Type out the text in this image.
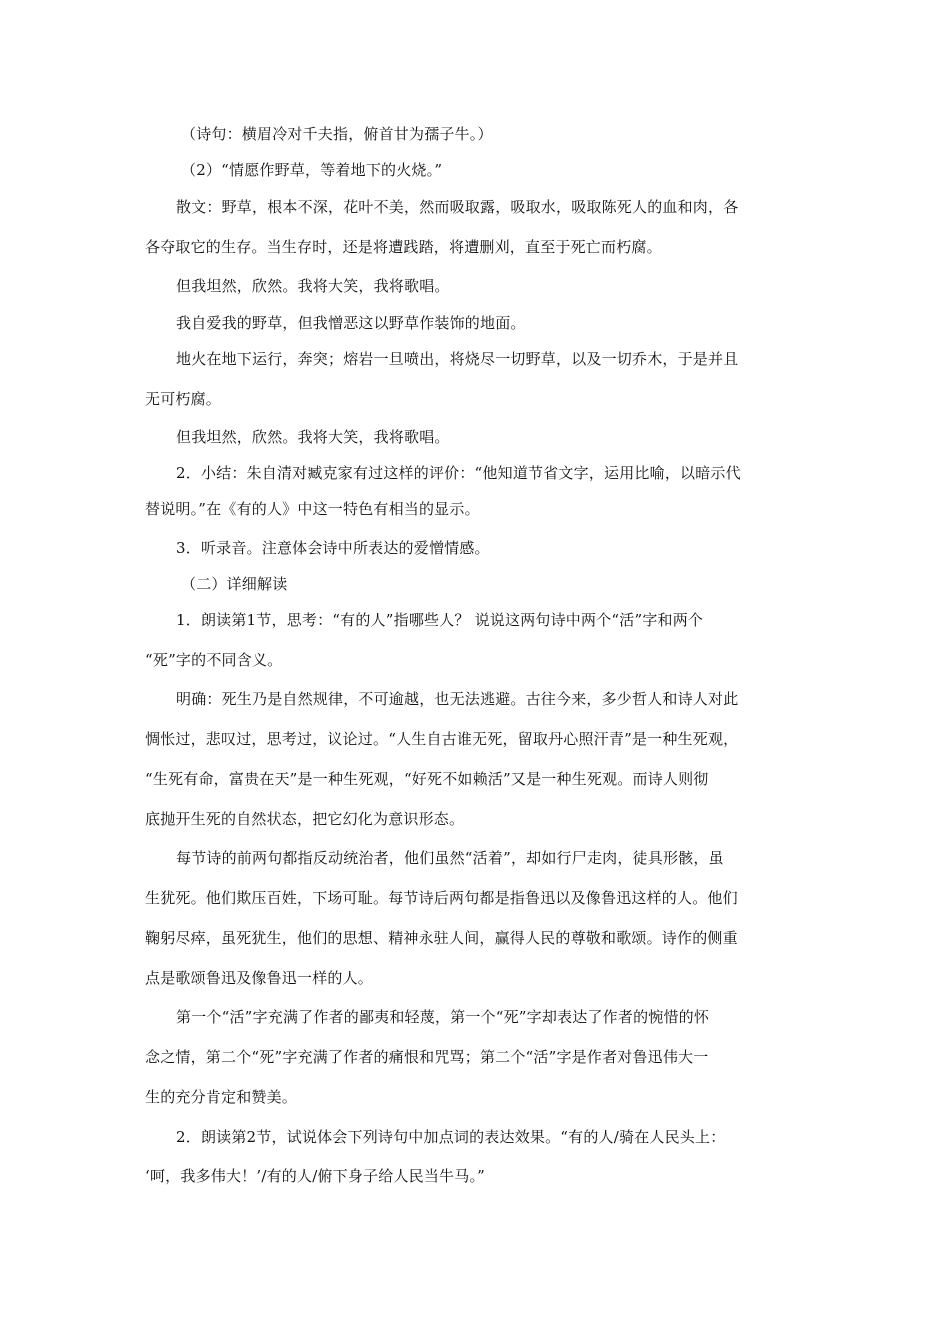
（诗句：横眉冷对千夫指，俯首甘为孺子牛。）
（2）“情愿作野草，等着地下的火烧。”
散文：野草，根本不深，花叶不美，然而吸取露，吸取水，吸取陈死人的血和肉，各
各夺取它的生存。当生存时，还是将遭践踏，将遭删刈，直至于死亡而朽腐。
但我坦然，欣然。我将大笑，我将歌唱。
我自爱我的野草，但我憎恶这以野草作装饰的地面。
地火在地下运行，奔突；熔岩一旦喷出，将烧尽一切野草，以及一切乔木，于是并且
无可朽腐。
但我坦然，欣然。我将大笑，我将歌唱。
2．小结：朱自清对臧克家有过这样的评价：“他知道节省文字，运用比喻，以暗示代
替说明。”在《有的人》中这一特色有相当的显示。
3．听录音。注意体会诗中所表达的爱憎情感。
（二）详细解读
1．朗读第1节，思考：“有的人”指哪些人？ 说说这两句诗中两个“活”字和两个
“死”字的不同含义。
明确：死生乃是自然规律，不可逾越，也无法逃避。古往今来，多少哲人和诗人对此
惆怅过，悲叹过，思考过，议论过。“人生自古谁无死，留取丹心照汗青”是一种生死观，
“生死有命，富贵在天”是一种生死观，“好死不如赖活”又是一种生死观。而诗人则彻
底抛开生死的自然状态，把它幻化为意识形态。
每节诗的前两句都指反动统治者，他们虽然“活着”，却如行尸走肉，徒具形骸，虽
生犹死。他们欺压百姓，下场可耻。每节诗后两句都是指鲁迅以及像鲁迅这样的人。他们
鞠躬尽瘁，虽死犹生，他们的思想、精神永驻人间，赢得人民的尊敬和歌颂。诗作的侧重
点是歌颂鲁迅及像鲁迅一样的人。
第一个“活”字充满了作者的鄙夷和轻蔑，第一个“死”字却表达了作者的惋惜的怀
念之情，第二个“死”字充满了作者的痛恨和咒骂；第二个“活”字是作者对鲁迅伟大一
生的充分肯定和赞美。
2．朗读第2节，试说体会下列诗句中加点词的表达效果。“有的人/骑在人民头上：
‘呵，我多伟大！’/有的人/俯下身子给人民当牛马。”
